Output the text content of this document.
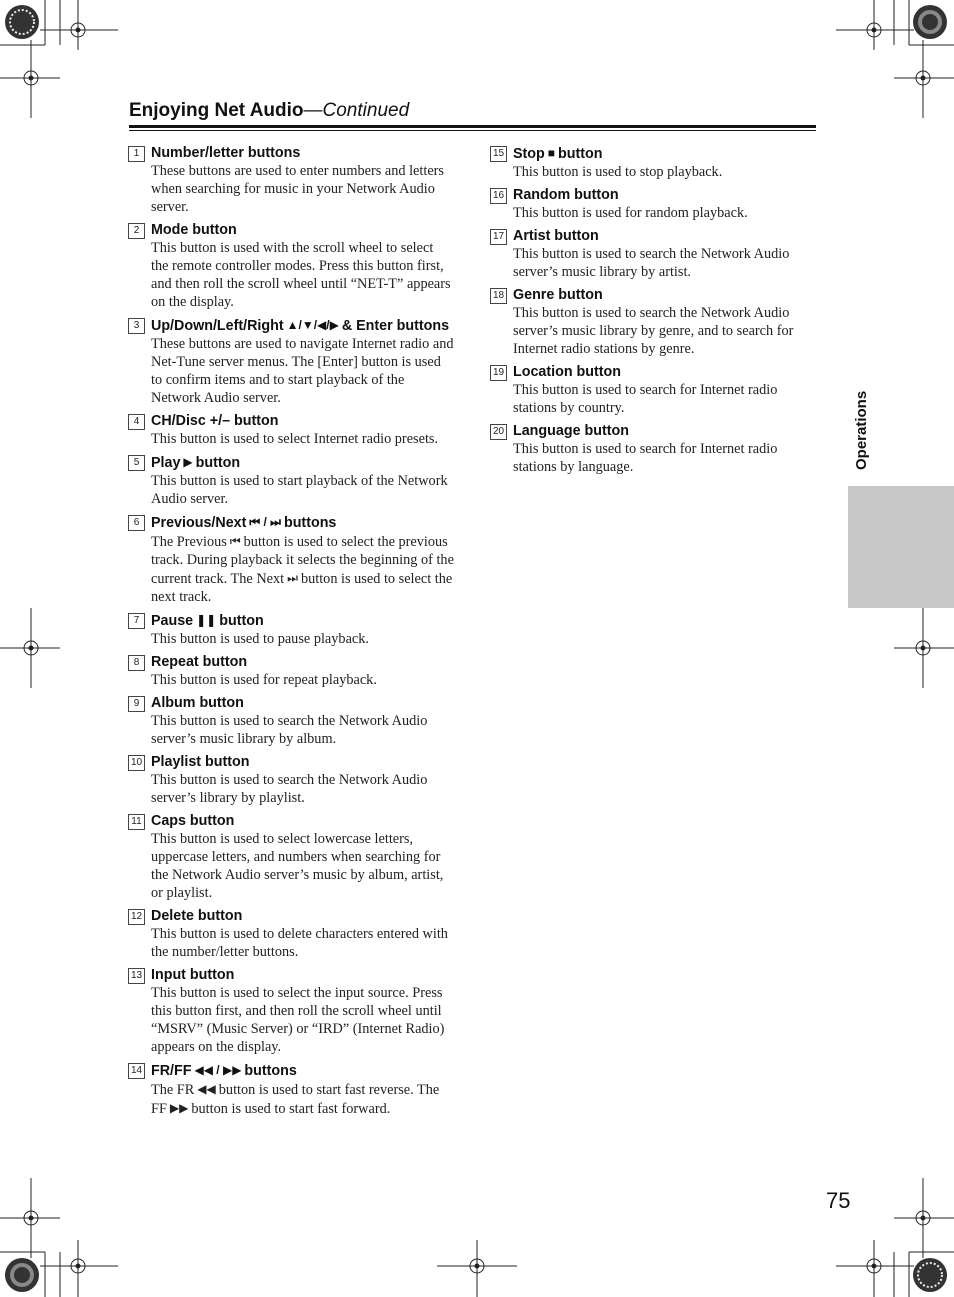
Enjoying Net Audio—Continued
1 Number/letter buttons
These buttons are used to enter numbers and letters when searching for music in your Network Audio server.
2 Mode button
This button is used with the scroll wheel to select the remote controller modes. Press this button first, and then roll the scroll wheel until “NET-T” appears on the display.
3 Up/Down/Left/Right ▲/▼/◀/▶ & Enter buttons
These buttons are used to navigate Internet radio and Net-Tune server menus. The [Enter] button is used to confirm items and to start playback of the Network Audio server.
4 CH/Disc +/– button
This button is used to select Internet radio presets.
5 Play ▶ button
This button is used to start playback of the Network Audio server.
6 Previous/Next ⏮ / ⏭ buttons
The Previous ⏮ button is used to select the previous track. During playback it selects the beginning of the current track. The Next ⏭ button is used to select the next track.
7 Pause ❚❚ button
This button is used to pause playback.
8 Repeat button
This button is used for repeat playback.
9 Album button
This button is used to search the Network Audio server’s music library by album.
10 Playlist button
This button is used to search the Network Audio server’s library by playlist.
11 Caps button
This button is used to select lowercase letters, uppercase letters, and numbers when searching for the Network Audio server’s music by album, artist, or playlist.
12 Delete button
This button is used to delete characters entered with the number/letter buttons.
13 Input button
This button is used to select the input source. Press this button first, and then roll the scroll wheel until “MSRV” (Music Server) or “IRD” (Internet Radio) appears on the display.
14 FR/FF ◀◀ / ▶▶ buttons
The FR ◀◀ button is used to start fast reverse. The FF ▶▶ button is used to start fast forward.
15 Stop ■ button
This button is used to stop playback.
16 Random button
This button is used for random playback.
17 Artist button
This button is used to search the Network Audio server’s music library by artist.
18 Genre button
This button is used to search the Network Audio server’s music library by genre, and to search for Internet radio stations by genre.
19 Location button
This button is used to search for Internet radio stations by country.
20 Language button
This button is used to search for Internet radio stations by language.	Operations
75
